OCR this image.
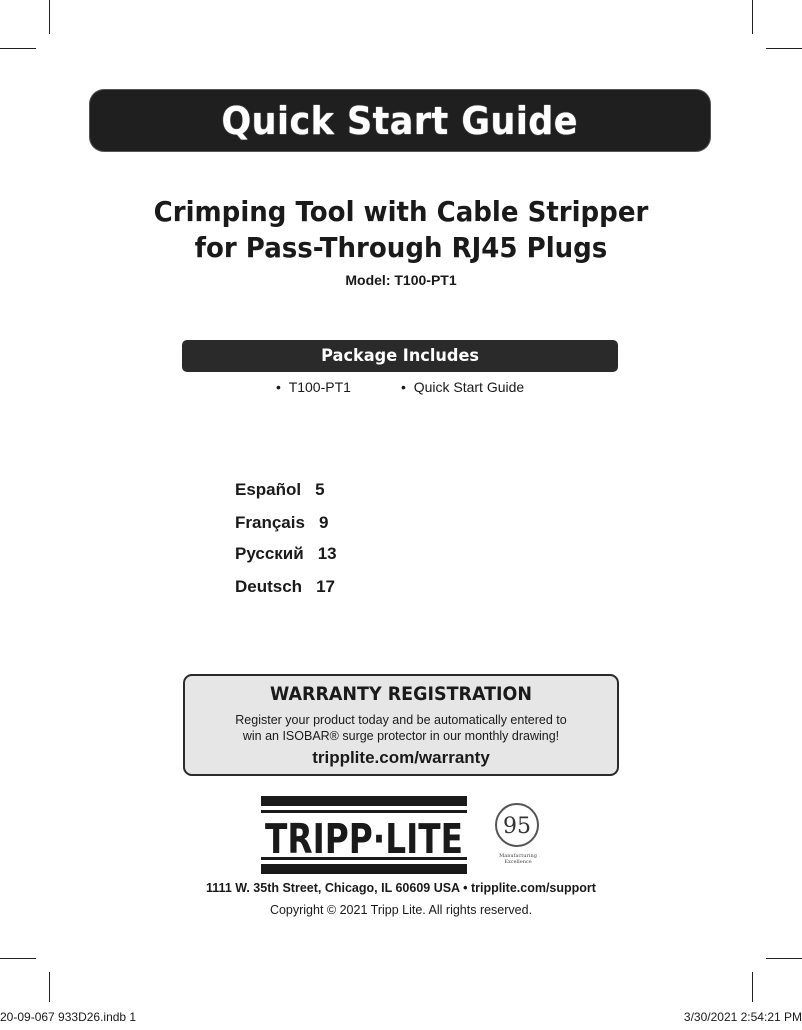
Quick Start Guide
Crimping Tool with Cable Stripper
for Pass-Through RJ45 Plugs
Model: T100-PT1
Package Includes
•  T100-PT1	•  Quick Start Guide
Español 5
Français 9
Русский 13
Deutsch 17
WARRANTY REGISTRATION
Register your product today and be automatically entered to
win an ISOBAR® surge protector in our monthly drawing!
tripplite.com/warranty
TRIPP·LITE 95
Manufacturing Excellence
1111 W. 35th Street, Chicago, IL 60609 USA • tripplite.com/support
Copyright © 2021 Tripp Lite. All rights reserved.
20-09-067 933D26.indb 1	3/30/2021 2:54:21 PM
